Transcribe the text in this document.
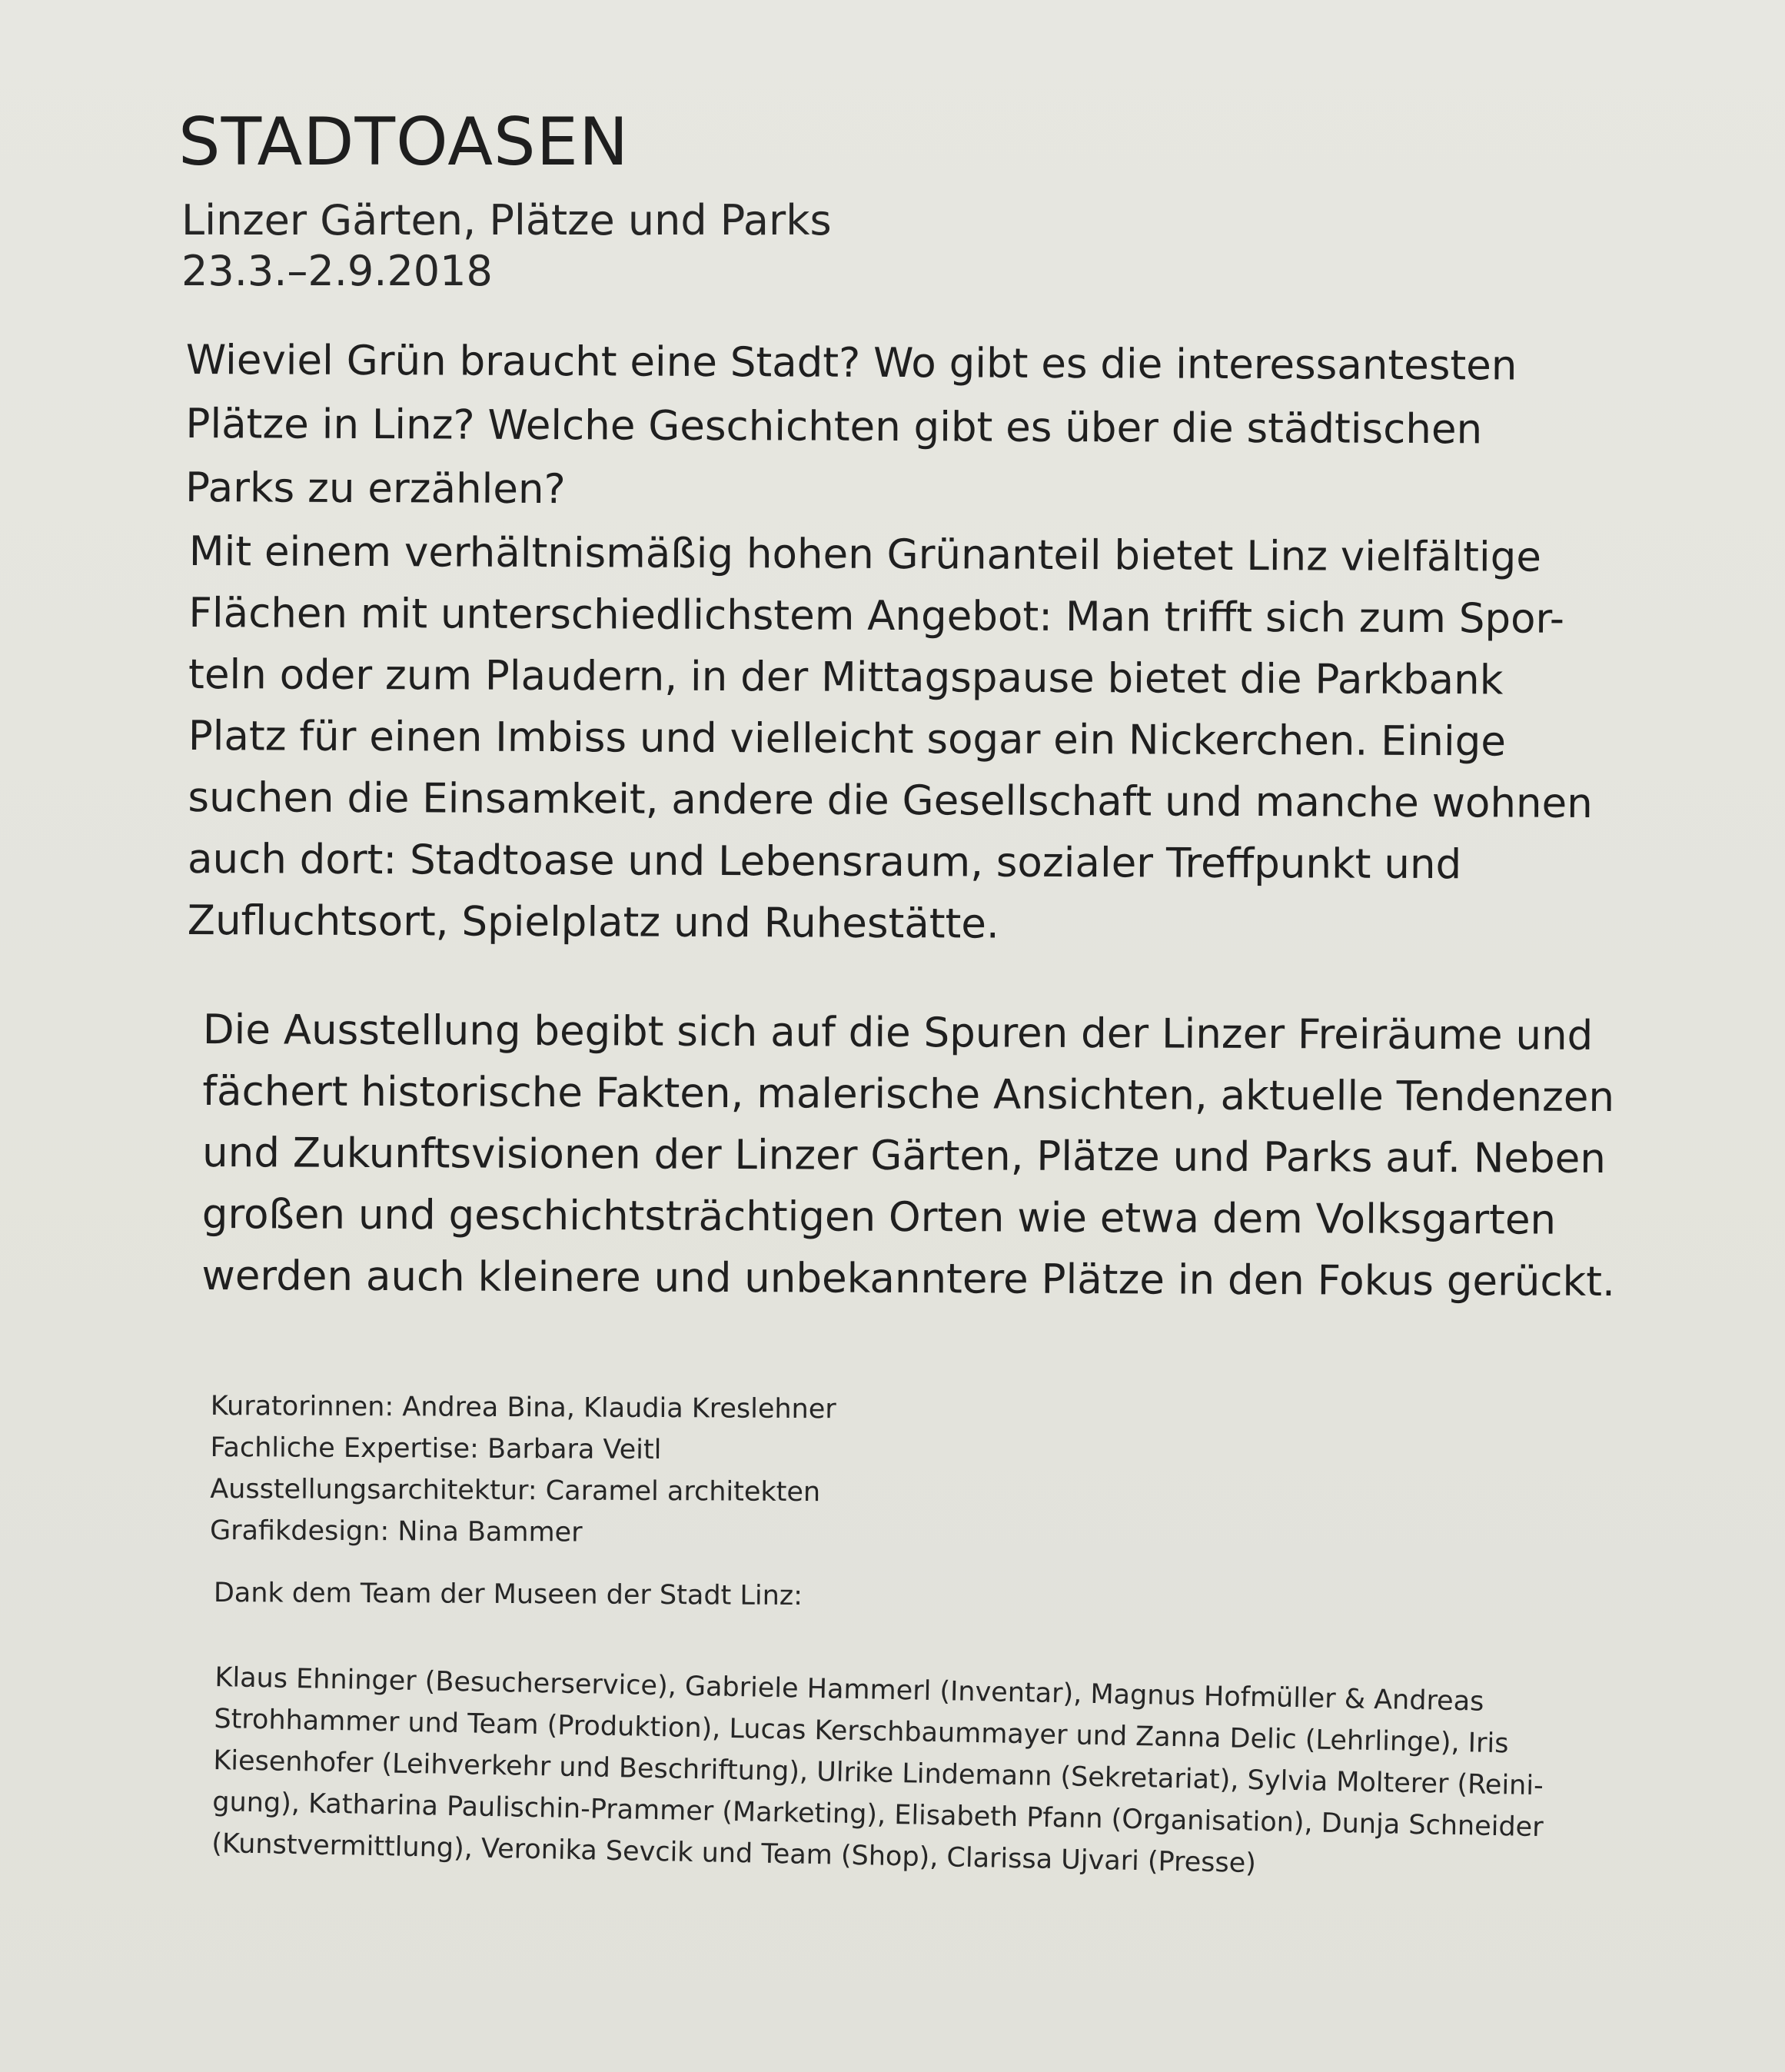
STADTOASEN
Linzer Gärten, Plätze und Parks
23.3.–2.9.2018
Wieviel Grün braucht eine Stadt? Wo gibt es die interessantesten
Plätze in Linz? Welche Geschichten gibt es über die städtischen
Parks zu erzählen?
Mit einem verhältnismäßig hohen Grünanteil bietet Linz vielfältige
Flächen mit unterschiedlichstem Angebot: Man trifft sich zum Spor-
teln oder zum Plaudern, in der Mittagspause bietet die Parkbank
Platz für einen Imbiss und vielleicht sogar ein Nickerchen. Einige
suchen die Einsamkeit, andere die Gesellschaft und manche wohnen
auch dort: Stadtoase und Lebensraum, sozialer Treffpunkt und
Zufluchtsort, Spielplatz und Ruhestätte.
Die Ausstellung begibt sich auf die Spuren der Linzer Freiräume und
fächert historische Fakten, malerische Ansichten, aktuelle Tendenzen
und Zukunftsvisionen der Linzer Gärten, Plätze und Parks auf. Neben
großen und geschichtsträchtigen Orten wie etwa dem Volksgarten
werden auch kleinere und unbekanntere Plätze in den Fokus gerückt.
Kuratorinnen: Andrea Bina, Klaudia Kreslehner
Fachliche Expertise: Barbara Veitl
Ausstellungsarchitektur: Caramel architekten
Grafikdesign: Nina Bammer
Dank dem Team der Museen der Stadt Linz:
Klaus Ehninger (Besucherservice), Gabriele Hammerl (Inventar), Magnus Hofmüller & Andreas
Strohhammer und Team (Produktion), Lucas Kerschbaummayer und Zanna Delic (Lehrlinge), Iris
Kiesenhofer (Leihverkehr und Beschriftung), Ulrike Lindemann (Sekretariat), Sylvia Molterer (Reini-
gung), Katharina Paulischin-Prammer (Marketing), Elisabeth Pfann (Organisation), Dunja Schneider
(Kunstvermittlung), Veronika Sevcik und Team (Shop), Clarissa Ujvari (Presse)
